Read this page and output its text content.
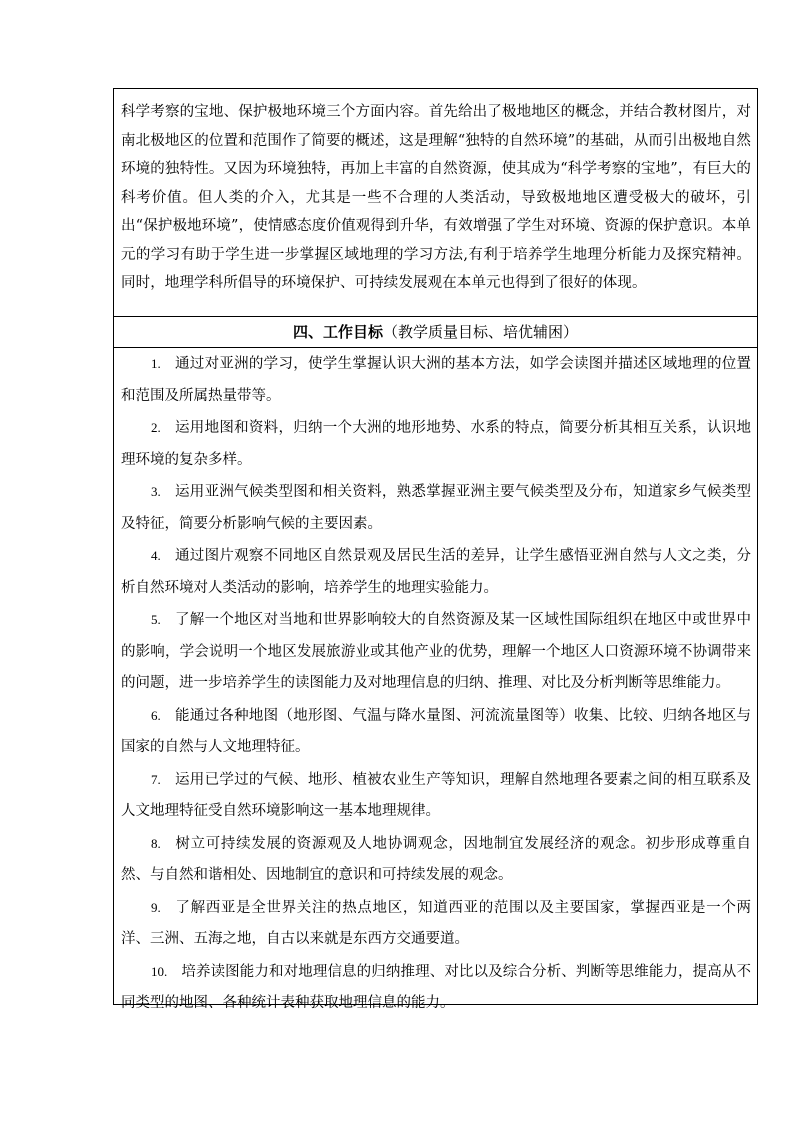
科学考察的宝地、保护极地环境三个方面内容。首先给出了极地地区的概念，并结合教材图片，对南北极地区的位置和范围作了简要的概述，这是理解“独特的自然环境”的基础，从而引出极地自然环境的独特性。又因为环境独特，再加上丰富的自然资源，使其成为“科学考察的宝地”，有巨大的科考价值。但人类的介入，尤其是一些不合理的人类活动，导致极地地区遭受极大的破坏，引出“保护极地环境”，使情感态度价值观得到升华，有效增强了学生对环境、资源的保护意识。本单元的学习有助于学生进一步掌握区域地理的学习方法,有利于培养学生地理分析能力及探究精神。同时，地理学科所倡导的环境保护、可持续发展观在本单元也得到了很好的体现。

四、工作目标（教学质量目标、培优辅困）

1. 通过对亚洲的学习，使学生掌握认识大洲的基本方法，如学会读图并描述区域地理的位置和范围及所属热量带等。

2. 运用地图和资料，归纳一个大洲的地形地势、水系的特点，简要分析其相互关系，认识地理环境的复杂多样。

3. 运用亚洲气候类型图和相关资料，熟悉掌握亚洲主要气候类型及分布，知道家乡气候类型及特征，简要分析影响气候的主要因素。

4. 通过图片观察不同地区自然景观及居民生活的差异，让学生感悟亚洲自然与人文之类，分析自然环境对人类活动的影响，培养学生的地理实验能力。

5. 了解一个地区对当地和世界影响较大的自然资源及某一区域性国际组织在地区中或世界中的影响，学会说明一个地区发展旅游业或其他产业的优势，理解一个地区人口资源环境不协调带来的问题，进一步培养学生的读图能力及对地理信息的归纳、推理、对比及分析判断等思维能力。

6. 能通过各种地图（地形图、气温与降水量图、河流流量图等）收集、比较、归纳各地区与国家的自然与人文地理特征。

7. 运用已学过的气候、地形、植被农业生产等知识，理解自然地理各要素之间的相互联系及人文地理特征受自然环境影响这一基本地理规律。

8. 树立可持续发展的资源观及人地协调观念，因地制宜发展经济的观念。初步形成尊重自然、与自然和谐相处、因地制宜的意识和可持续发展的观念。

9. 了解西亚是全世界关注的热点地区，知道西亚的范围以及主要国家，掌握西亚是一个两洋、三洲、五海之地，自古以来就是东西方交通要道。

10. 培养读图能力和对地理信息的归纳推理、对比以及综合分析、判断等思维能力，提高从不同类型的地图、各种统计表种获取地理信息的能力。
